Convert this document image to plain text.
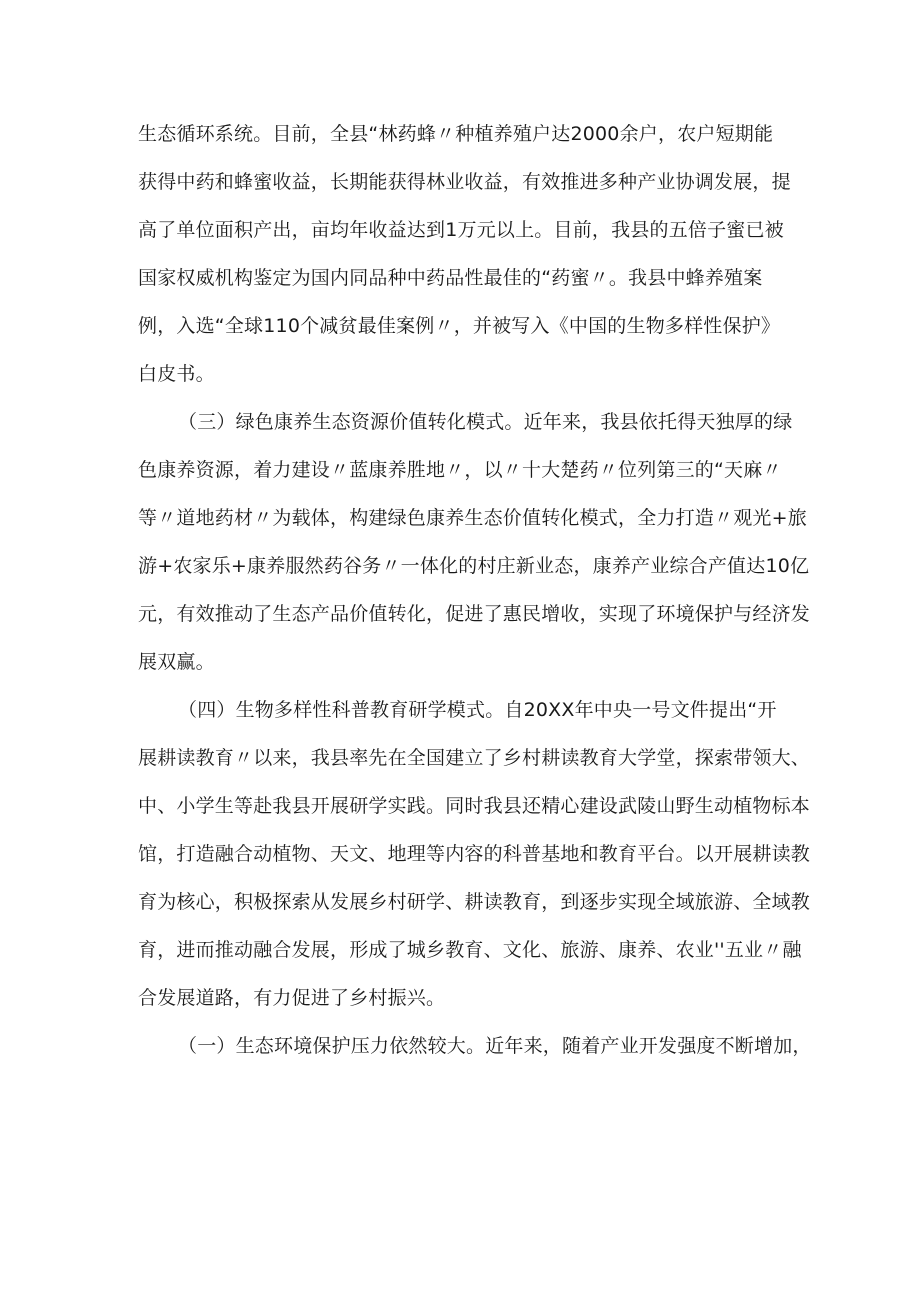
生态循环系统。目前，全县“林药蜂〃种植养殖户达2000余户，农户短期能
获得中药和蜂蜜收益，长期能获得林业收益，有效推进多种产业协调发展，提
高了单位面积产出，亩均年收益达到1万元以上。目前，我县的五倍子蜜已被
国家权威机构鉴定为国内同品种中药品性最佳的“药蜜〃。我县中蜂养殖案
例，入选“全球110个减贫最佳案例〃，并被写入《中国的生物多样性保护》
白皮书。
（三）绿色康养生态资源价值转化模式。近年来，我县依托得天独厚的绿
色康养资源，着力建设〃蓝康养胜地〃，以〃十大楚药〃位列第三的“天麻〃
等〃道地药材〃为载体，构建绿色康养生态价值转化模式，全力打造〃观光+旅
游+农家乐+康养服然药谷务〃一体化的村庄新业态，康养产业综合产值达10亿
元，有效推动了生态产品价值转化，促进了惠民增收，实现了环境保护与经济发
展双赢。
（四）生物多样性科普教育研学模式。自20XX年中央一号文件提出“开
展耕读教育〃以来，我县率先在全国建立了乡村耕读教育大学堂，探索带领大、
中、小学生等赴我县开展研学实践。同时我县还精心建设武陵山野生动植物标本
馆，打造融合动植物、天文、地理等内容的科普基地和教育平台。以开展耕读教
育为核心，积极探索从发展乡村研学、耕读教育，到逐步实现全域旅游、全域教
育，进而推动融合发展，形成了城乡教育、文化、旅游、康养、农业''五业〃融
合发展道路，有力促进了乡村振兴。
（一）生态环境保护压力依然较大。近年来，随着产业开发强度不断增加，
